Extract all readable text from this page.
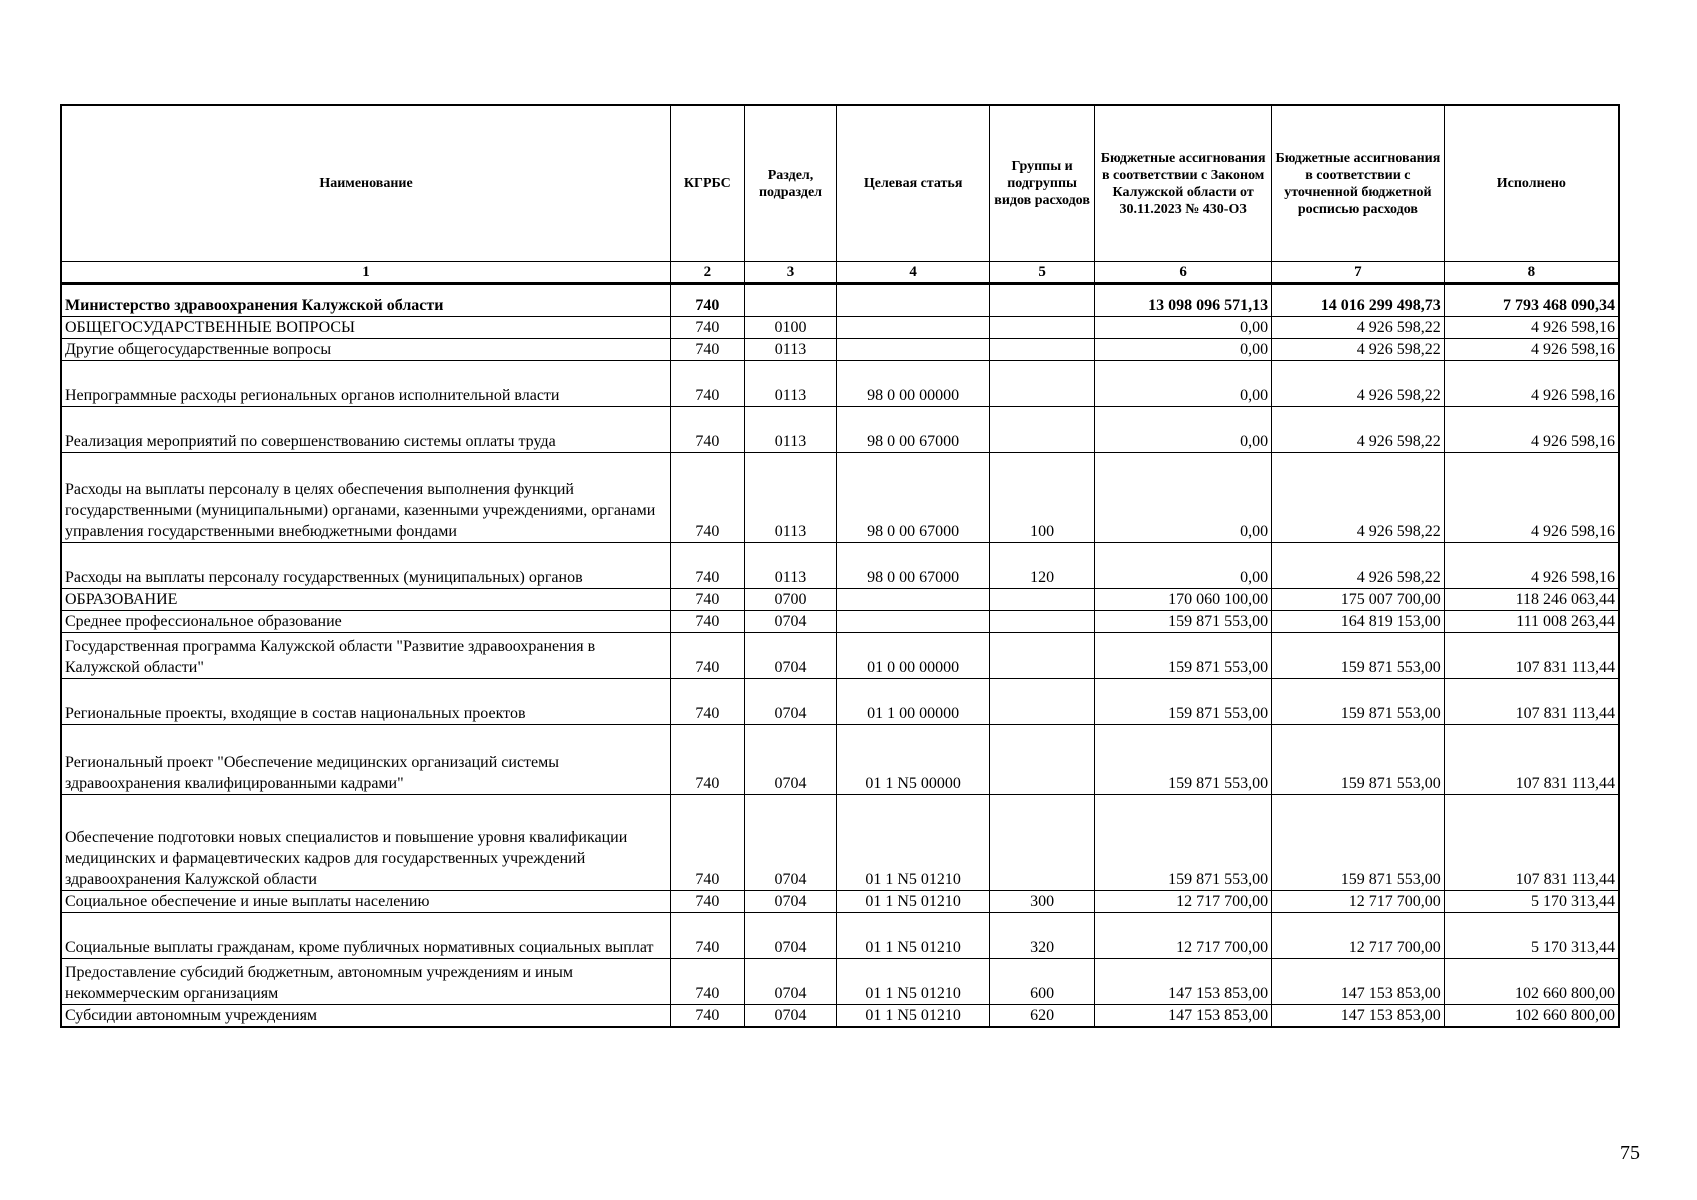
Наименование	КГРБС	Раздел, подраздел	Целевая статья	Группы и подгруппы видов расходов	Бюджетные ассигнования в соответствии с Законом Калужской области от 30.11.2023 № 430-ОЗ	Бюджетные ассигнования в соответствии с уточненной бюджетной росписью расходов	Исполнено
1	2	3	4	5	6	7	8
Министерство здравоохранения Калужской области	740				13 098 096 571,13	14 016 299 498,73	7 793 468 090,34
ОБЩЕГОСУДАРСТВЕННЫЕ ВОПРОСЫ	740	0100			0,00	4 926 598,22	4 926 598,16
Другие общегосударственные вопросы	740	0113			0,00	4 926 598,22	4 926 598,16
Непрограммные расходы региональных органов исполнительной власти	740	0113	98 0 00 00000		0,00	4 926 598,22	4 926 598,16
Реализация мероприятий по совершенствованию системы оплаты труда	740	0113	98 0 00 67000		0,00	4 926 598,22	4 926 598,16
Расходы на выплаты персоналу в целях обеспечения выполнения функций государственными (муниципальными) органами, казенными учреждениями, органами управления государственными внебюджетными фондами	740	0113	98 0 00 67000	100	0,00	4 926 598,22	4 926 598,16
Расходы на выплаты персоналу государственных (муниципальных) органов	740	0113	98 0 00 67000	120	0,00	4 926 598,22	4 926 598,16
ОБРАЗОВАНИЕ	740	0700			170 060 100,00	175 007 700,00	118 246 063,44
Среднее профессиональное образование	740	0704			159 871 553,00	164 819 153,00	111 008 263,44
Государственная программа Калужской области "Развитие здравоохранения в Калужской области"	740	0704	01 0 00 00000		159 871 553,00	159 871 553,00	107 831 113,44
Региональные проекты, входящие в состав национальных проектов	740	0704	01 1 00 00000		159 871 553,00	159 871 553,00	107 831 113,44
Региональный проект "Обеспечение медицинских организаций системы здравоохранения квалифицированными кадрами"	740	0704	01 1 N5 00000		159 871 553,00	159 871 553,00	107 831 113,44
Обеспечение подготовки новых специалистов и повышение уровня квалификации медицинских и фармацевтических кадров для государственных учреждений здравоохранения Калужской области	740	0704	01 1 N5 01210		159 871 553,00	159 871 553,00	107 831 113,44
Социальное обеспечение и иные выплаты населению	740	0704	01 1 N5 01210	300	12 717 700,00	12 717 700,00	5 170 313,44
Социальные выплаты гражданам, кроме публичных нормативных социальных выплат	740	0704	01 1 N5 01210	320	12 717 700,00	12 717 700,00	5 170 313,44
Предоставление субсидий бюджетным, автономным учреждениям и иным некоммерческим организациям	740	0704	01 1 N5 01210	600	147 153 853,00	147 153 853,00	102 660 800,00
Субсидии автономным учреждениям	740	0704	01 1 N5 01210	620	147 153 853,00	147 153 853,00	102 660 800,00
75
